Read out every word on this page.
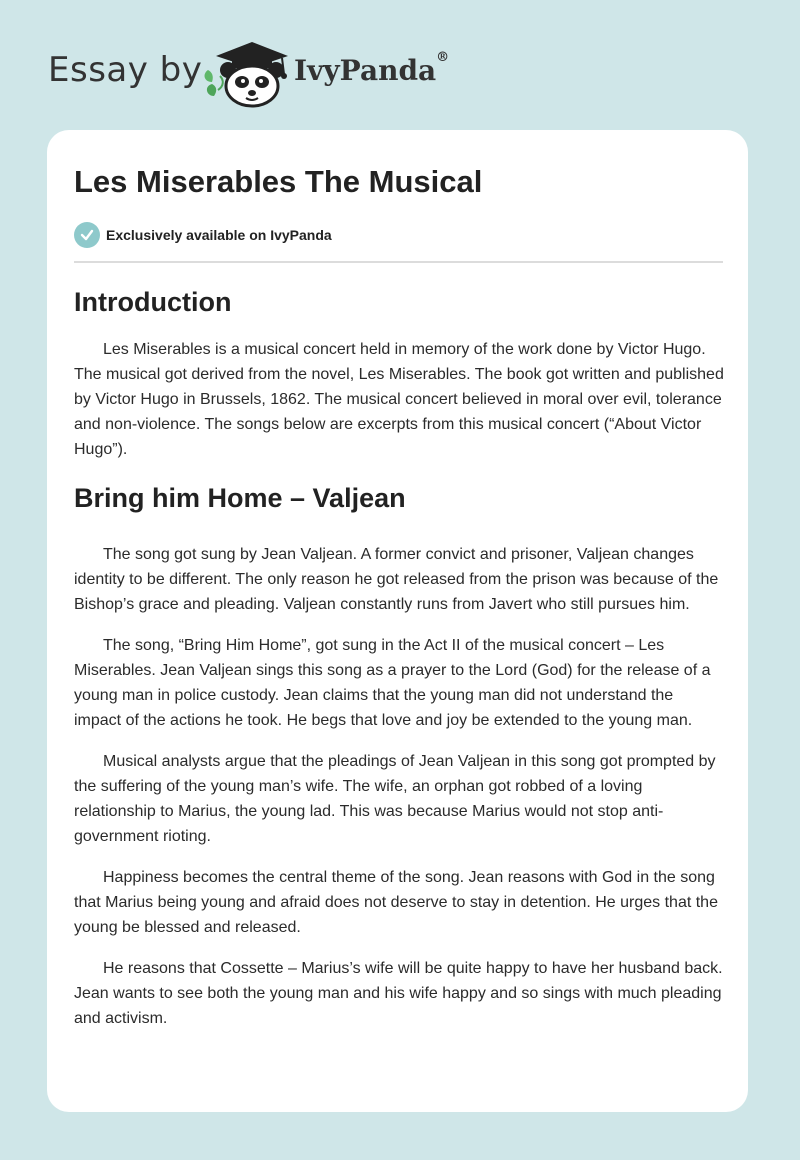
Essay by	IvyPanda®
Les Miserables The Musical
Exclusively available on IvyPanda
Introduction

Les Miserables is a musical concert held in memory of the work done by Victor Hugo. The musical got derived from the novel, Les Miserables. The book got written and published by Victor Hugo in Brussels, 1862. The musical concert believed in moral over evil, tolerance and non-violence. The songs below are excerpts from this musical concert (“About Victor Hugo”).

Bring him Home – Valjean

The song got sung by Jean Valjean. A former convict and prisoner, Valjean changes identity to be different. The only reason he got released from the prison was because of the Bishop’s grace and pleading. Valjean constantly runs from Javert who still pursues him.

The song, “Bring Him Home”, got sung in the Act II of the musical concert – Les Miserables. Jean Valjean sings this song as a prayer to the Lord (God) for the release of a young man in police custody. Jean claims that the young man did not understand the impact of the actions he took. He begs that love and joy be extended to the young man.

Musical analysts argue that the pleadings of Jean Valjean in this song got prompted by the suffering of the young man’s wife. The wife, an orphan got robbed of a loving relationship to Marius, the young lad. This was because Marius would not stop anti-government rioting.

Happiness becomes the central theme of the song. Jean reasons with God in the song that Marius being young and afraid does not deserve to stay in detention. He urges that the young be blessed and released.

He reasons that Cossette – Marius’s wife will be quite happy to have her husband back. Jean wants to see both the young man and his wife happy and so sings with much pleading and activism.
